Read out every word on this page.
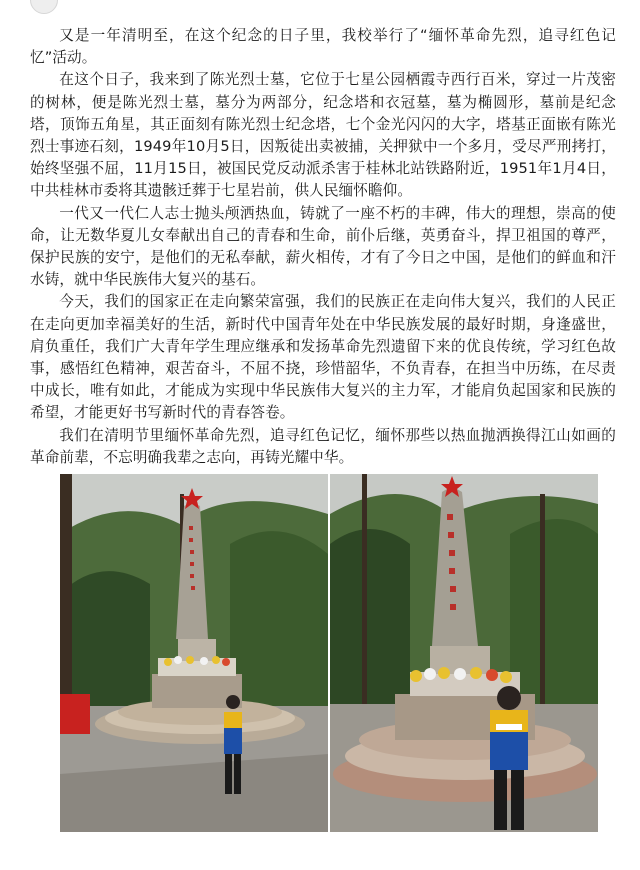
又是一年清明至，在这个纪念的日子里，我校举行了“缅怀革命先烈，追寻红色记忆”活动。

在这个日子，我来到了陈光烈士墓，它位于七星公园栖霞寺西行百米，穿过一片茂密的树林，便是陈光烈士墓，墓分为两部分，纪念塔和衣冠墓，墓为椭圆形，墓前是纪念塔，顶饰五角星，其正面刻有陈光烈士纪念塔，七个金光闪闪的大字，塔基正面嵌有陈光烈士事迹石刻，1949年10月5日，因叛徒出卖被捕，关押狱中一个多月，受尽严刑拷打，始终坚强不屈，11月15日，被国民党反动派杀害于桂林北站铁路附近，1951年1月4日，中共桂林市委将其遗骸迁葬于七星岩前，供人民缅怀瞻仰。

一代又一代仁人志士抛头颅洒热血，铸就了一座不朽的丰碑，伟大的理想，崇高的使命，让无数华夏儿女奉献出自己的青春和生命，前仆后继，英勇奋斗，捍卫祖国的尊严，保护民族的安宁，是他们的无私奉献，薪火相传，才有了今日之中国，是他们的鲜血和汗水铸，就中华民族伟大复兴的基石。

今天，我们的国家正在走向繁荣富强，我们的民族正在走向伟大复兴，我们的人民正在走向更加幸福美好的生活，新时代中国青年处在中华民族发展的最好时期，身逢盛世，肩负重任，我们广大青年学生理应继承和发扬革命先烈遗留下来的优良传统，学习红色故事，感悟红色精神，艰苦奋斗，不屈不挠，珍惜韶华，不负青春，在担当中历练，在尽责中成长，唯有如此，才能成为实现中华民族伟大复兴的主力军，才能肩负起国家和民族的希望，才能更好书写新时代的青春答卷。

我们在清明节里缅怀革命先烈，追寻红色记忆，缅怀那些以热血抛洒换得江山如画的革命前辈，不忘明确我辈之志向，再铸光耀中华。
